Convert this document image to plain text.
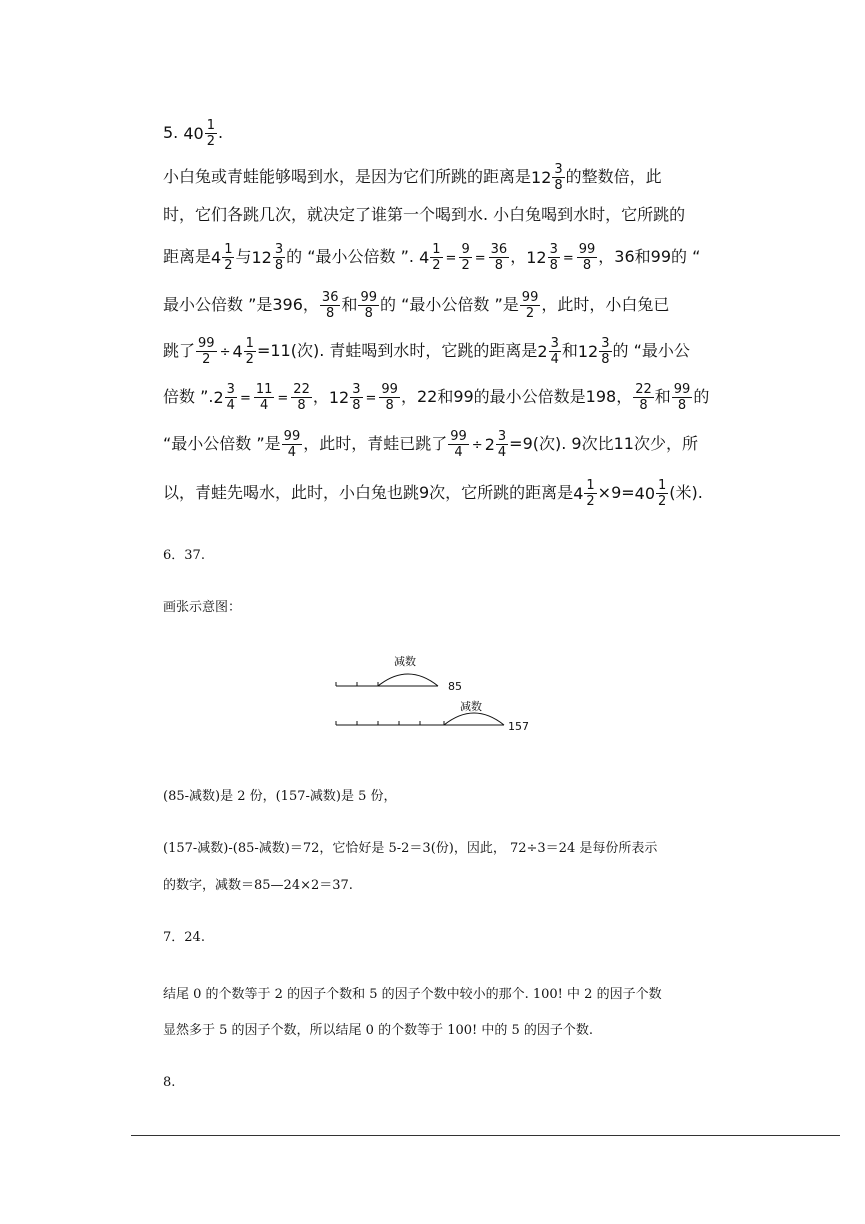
5. $40 \frac{1}{2}$ .
小白兔或青蛙能够喝到水，是因为它们所跳的距离是 $12 \frac{3}{8}$ 的整数倍，此
时，它们各跳几次，就决定了谁第一个喝到水. 小白兔喝到水时，它所跳的
距离是 $4 \frac{1}{2}$ 与 $12 \frac{3}{8}$ 的 “最小公倍数 ”. $4 \frac{1}{2} = \frac{9}{2} = \frac{36}{8}$ ， $12 \frac{3}{8} = \frac{99}{8}$ ，36和99的 “
最小公倍数 ”是396， $\frac{36}{8}$ 和 $\frac{99}{8}$ 的 “最小公倍数 ”是 $\frac{99}{2}$ ，此时，小白兔已
跳了 $\frac{99}{2} \div 4 \frac{1}{2} =11$(次). 青蛙喝到水时，它跳的距离是 $2 \frac{3}{4}$ 和 $12 \frac{3}{8}$ 的 “最小公
倍数 ”. $2 \frac{3}{4} = \frac{11}{4} = \frac{22}{8}$ ， $12 \frac{3}{8} = \frac{99}{8}$ ，22和99的最小公倍数是198， $\frac{22}{8}$ 和 $\frac{99}{8}$ 的
“最小公倍数 ”是 $\frac{99}{4}$ ，此时，青蛙已跳了 $\frac{99}{4} \div 2 \frac{3}{4} =9$(次). 9次比11次少，所
以，青蛙先喝水，此时，小白兔也跳9次，它所跳的距离是 $4 \frac{1}{2} \times 9= 40 \frac{1}{2}$ (米).
6．37.
画张示意图：
减数
85
减数
157
(85-减数)是 2 份，(157-减数)是 5 份，
(157-减数)-(85-减数)＝72，它恰好是 5-2＝3(份)，因此， 72÷3＝24 是每份所表示
的数字，减数＝85—24×2＝37.
7．24.
结尾 0 的个数等于 2 的因子个数和 5 的因子个数中较小的那个. 100! 中 2 的因子个数
显然多于 5 的因子个数，所以结尾 0 的个数等于 100! 中的 5 的因子个数.
8.
